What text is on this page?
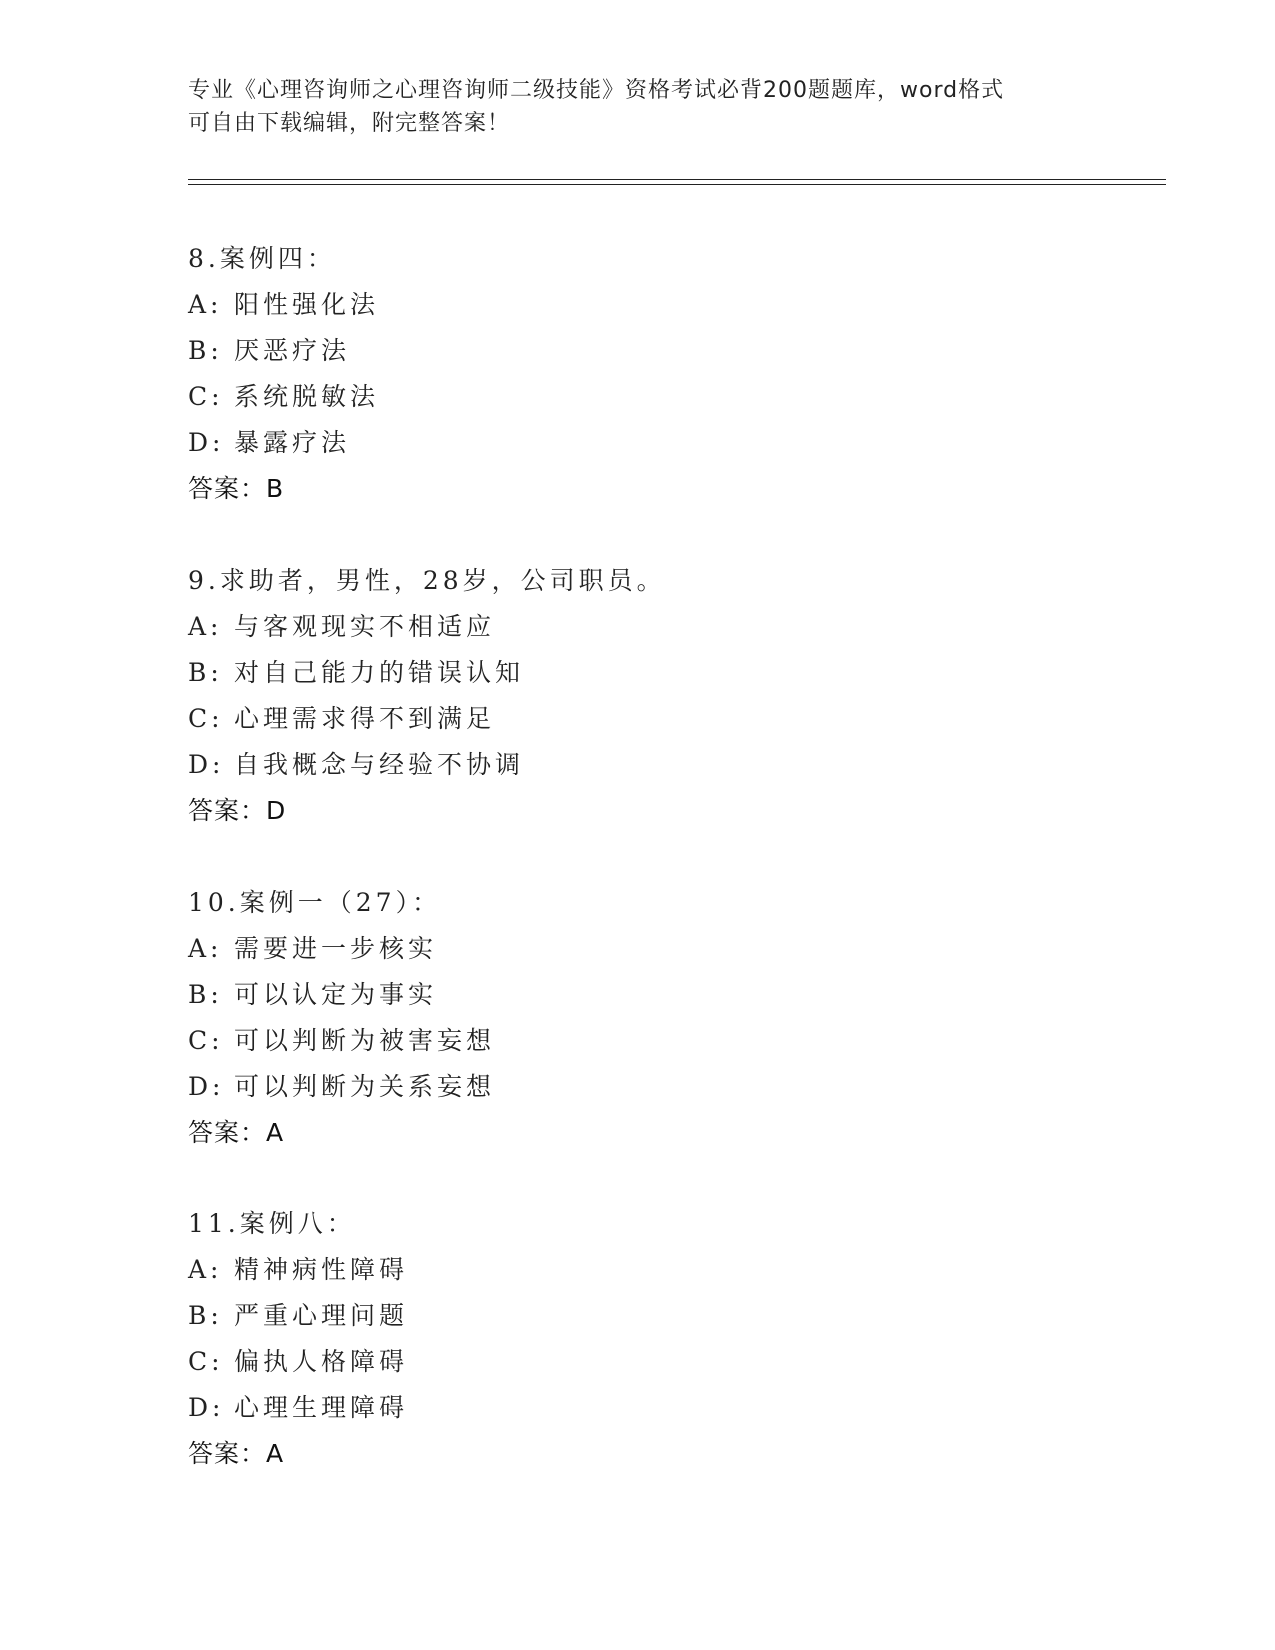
专业《心理咨询师之心理咨询师二级技能》资格考试必背200题题库，word格式
可自由下载编辑，附完整答案！
8.案例四：
A: 阳性强化法
B: 厌恶疗法
C: 系统脱敏法
D: 暴露疗法
答案：B
9.求助者，男性，28岁，公司职员。
A: 与客观现实不相适应
B: 对自己能力的错误认知
C: 心理需求得不到满足
D: 自我概念与经验不协调
答案：D
10.案例一（27）：
A: 需要进一步核实
B: 可以认定为事实
C: 可以判断为被害妄想
D: 可以判断为关系妄想
答案：A
11.案例八：
A: 精神病性障碍
B: 严重心理问题
C: 偏执人格障碍
D: 心理生理障碍
答案：A
